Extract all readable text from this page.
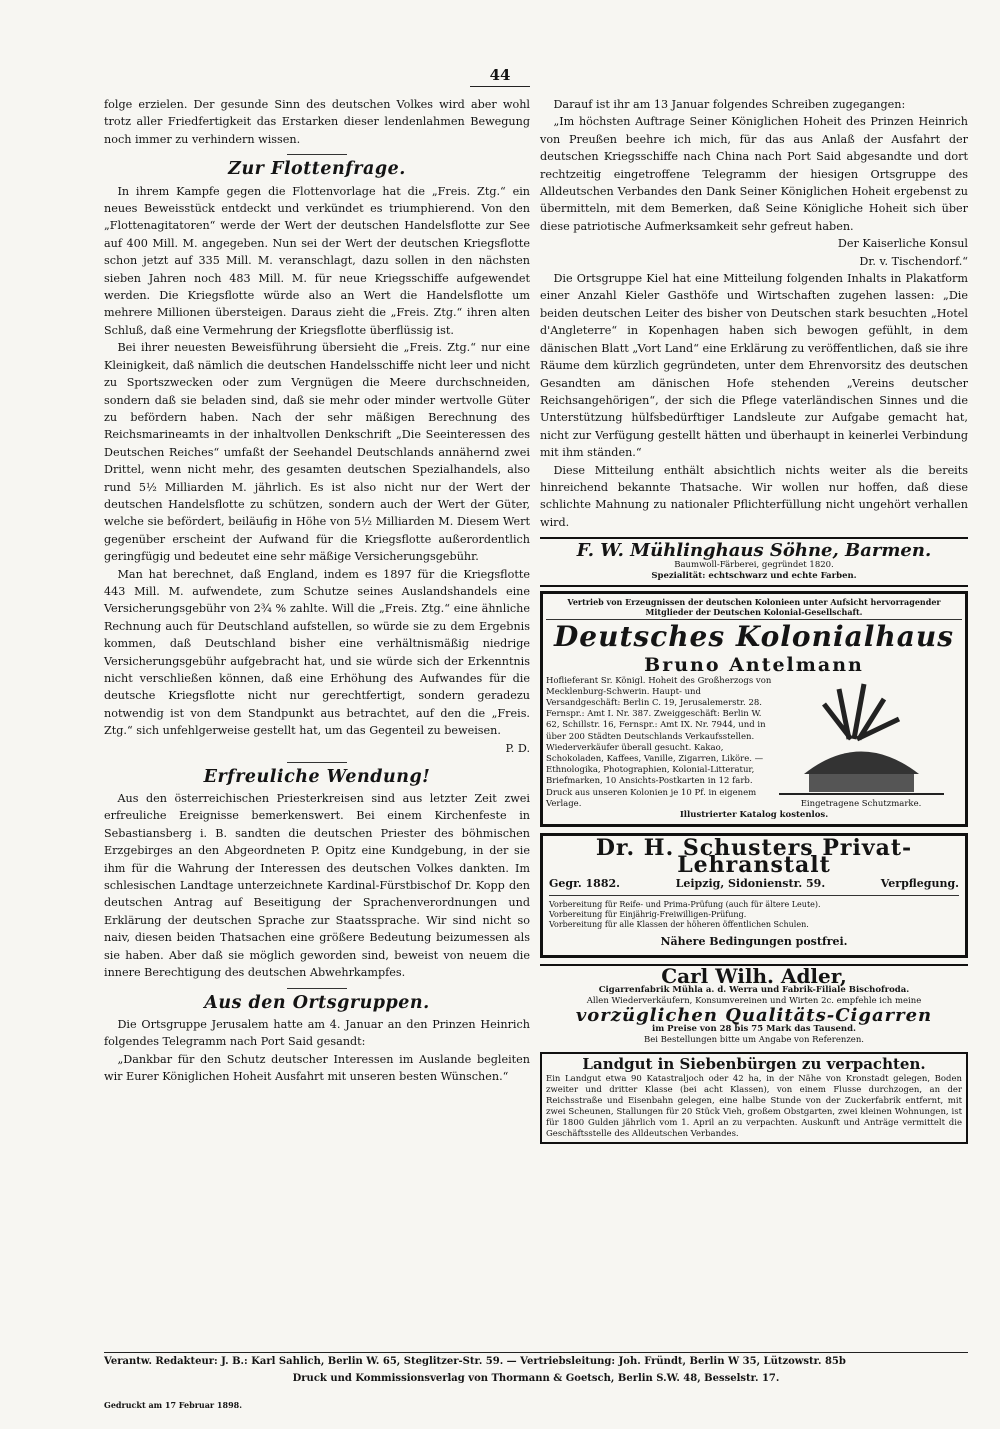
44

folge erzielen. Der gesunde Sinn des deutschen Volkes wird aber wohl trotz aller Friedfertigkeit das Erstarken dieser lendenlahmen Bewegung noch immer zu verhindern wissen.

Zur Flottenfrage.

In ihrem Kampfe gegen die Flottenvorlage hat die „Freis. Ztg.“ ein neues Beweisstück entdeckt und verkündet es triumphierend. Von den „Flottenagitatoren“ werde der Wert der deutschen Handelsflotte zur See auf 400 Mill. M. angegeben. Nun sei der Wert der deutschen Kriegsflotte schon jetzt auf 335 Mill. M. veranschlagt, dazu sollen in den nächsten sieben Jahren noch 483 Mill. M. für neue Kriegsschiffe aufgewendet werden. Die Kriegsflotte würde also an Wert die Handelsflotte um mehrere Millionen übersteigen. Daraus zieht die „Freis. Ztg.“ ihren alten Schluß, daß eine Vermehrung der Kriegsflotte überflüssig ist.

Bei ihrer neuesten Beweisführung übersieht die „Freis. Ztg.“ nur eine Kleinigkeit, daß nämlich die deutschen Handelsschiffe nicht leer und nicht zu Sportszwecken oder zum Vergnügen die Meere durchschneiden, sondern daß sie beladen sind, daß sie mehr oder minder wertvolle Güter zu befördern haben. Nach der sehr mäßigen Berechnung des Reichsmarineamts in der inhaltvollen Denkschrift „Die Seeinteressen des Deutschen Reiches“ umfaßt der Seehandel Deutschlands annähernd zwei Drittel, wenn nicht mehr, des gesamten deutschen Spezialhandels, also rund 5½ Milliarden M. jährlich. Es ist also nicht nur der Wert der deutschen Handelsflotte zu schützen, sondern auch der Wert der Güter, welche sie befördert, beiläufig in Höhe von 5½ Milliarden M. Diesem Wert gegenüber erscheint der Aufwand für die Kriegsflotte außerordentlich geringfügig und bedeutet eine sehr mäßige Versicherungsgebühr.

Man hat berechnet, daß England, indem es 1897 für die Kriegsflotte 443 Mill. M. aufwendete, zum Schutze seines Auslandshandels eine Versicherungsgebühr von 2¾ % zahlte. Will die „Freis. Ztg.“ eine ähnliche Rechnung auch für Deutschland aufstellen, so würde sie zu dem Ergebnis kommen, daß Deutschland bisher eine verhältnismäßig niedrige Versicherungsgebühr aufgebracht hat, und sie würde sich der Erkenntnis nicht verschließen können, daß eine Erhöhung des Aufwandes für die deutsche Kriegsflotte nicht nur gerechtfertigt, sondern geradezu notwendig ist von dem Standpunkt aus betrachtet, auf den die „Freis. Ztg.“ sich unfehlgerweise gestellt hat, um das Gegenteil zu beweisen.
P. D.

Erfreuliche Wendung!

Aus den österreichischen Priesterkreisen sind aus letzter Zeit zwei erfreuliche Ereignisse bemerkenswert. Bei einem Kirchenfeste in Sebastiansberg i. B. sandten die deutschen Priester des böhmischen Erzgebirges an den Abgeordneten P. Opitz eine Kundgebung, in der sie ihm für die Wahrung der Interessen des deutschen Volkes dankten. Im schlesischen Landtage unterzeichnete Kardinal-Fürstbischof Dr. Kopp den deutschen Antrag auf Beseitigung der Sprachenverordnungen und Erklärung der deutschen Sprache zur Staatssprache. Wir sind nicht so naiv, diesen beiden Thatsachen eine größere Bedeutung beizumessen als sie haben. Aber daß sie möglich geworden sind, beweist von neuem die innere Berechtigung des deutschen Abwehrkampfes.

Aus den Ortsgruppen.

Die Ortsgruppe Jerusalem hatte am 4. Januar an den Prinzen Heinrich folgendes Telegramm nach Port Said gesandt:

„Dankbar für den Schutz deutscher Interessen im Auslande begleiten wir Eurer Königlichen Hoheit Ausfahrt mit unseren besten Wünschen.“

Darauf ist ihr am 13 Januar folgendes Schreiben zugegangen:

„Im höchsten Auftrage Seiner Königlichen Hoheit des Prinzen Heinrich von Preußen beehre ich mich, für das aus Anlaß der Ausfahrt der deutschen Kriegsschiffe nach China nach Port Said abgesandte und dort rechtzeitig eingetroffene Telegramm der hiesigen Ortsgruppe des Alldeutschen Verbandes den Dank Seiner Königlichen Hoheit ergebenst zu übermitteln, mit dem Bemerken, daß Seine Königliche Hoheit sich über diese patriotische Aufmerksamkeit sehr gefreut haben.

Der Kaiserliche Konsul

Dr. v. Tischendorf.“

Die Ortsgruppe Kiel hat eine Mitteilung folgenden Inhalts in Plakatform einer Anzahl Kieler Gasthöfe und Wirtschaften zugehen lassen: „Die beiden deutschen Leiter des bisher von Deutschen stark besuchten „Hotel d'Angleterre“ in Kopenhagen haben sich bewogen gefühlt, in dem dänischen Blatt „Vort Land“ eine Erklärung zu veröffentlichen, daß sie ihre Räume dem kürzlich gegründeten, unter dem Ehrenvorsitz des deutschen Gesandten am dänischen Hofe stehenden „Vereins deutscher Reichsangehörigen“, der sich die Pflege vaterländischen Sinnes und die Unterstützung hülfsbedürftiger Landsleute zur Aufgabe gemacht hat, nicht zur Verfügung gestellt hätten und überhaupt in keinerlei Verbindung mit ihm ständen.“

Diese Mitteilung enthält absichtlich nichts weiter als die bereits hinreichend bekannte Thatsache. Wir wollen nur hoffen, daß diese schlichte Mahnung zu nationaler Pflichterfüllung nicht ungehört verhallen wird.

F. W. Mühlinghaus Söhne, Barmen.
Baumwoll-Färberei, gegründet 1820.
Spezialität: echtschwarz und echte Farben.
Vertrieb von Erzeugnissen der deutschen Kolonieen unter Aufsicht hervorragender Mitglieder der Deutschen Kolonial-Gesellschaft.
Deutsches Kolonialhaus
Bruno Antelmann
Hoflieferant Sr. Königl. Hoheit des Großherzogs von Mecklenburg-Schwerin. Haupt- und Versandgeschäft: Berlin C. 19, Jerusalemerstr. 28. Fernspr.: Amt I. Nr. 387. Zweiggeschäft: Berlin W. 62, Schillstr. 16, Fernspr.: Amt IX. Nr. 7944, und in über 200 Städten Deutschlands Verkaufsstellen. Wiederverkäufer überall gesucht. Kakao, Schokoladen, Kaffees, Vanille, Zigarren, Liköre. — Ethnologika, Photographien, Kolonial-Litteratur, Briefmarken, 10 Ansichts-Postkarten in 12 farb. Druck aus unseren Kolonien je 10 Pf. in eigenem Verlage.	Eingetragene Schutzmarke.
Illustrierter Katalog kostenlos.
Dr. H. Schusters Privat-Lehranstalt
Gegr. 1882.	Leipzig, Sidonienstr. 59.	Verpflegung.
Vorbereitung für Reife- und Prima-Prüfung (auch für ältere Leute).
Vorbereitung für Einjährig-Freiwilligen-Prüfung.
Vorbereitung für alle Klassen der höheren öffentlichen Schulen.
Nähere Bedingungen postfrei.
Carl Wilh. Adler,
Cigarrenfabrik Mühla a. d. Werra und Fabrik-Filiale Bischofroda.
Allen Wiederverkäufern, Konsumvereinen und Wirten 2c. empfehle ich meine
vorzüglichen Qualitäts-Cigarren
im Preise von 28 bis 75 Mark das Tausend.
Bei Bestellungen bitte um Angabe von Referenzen.
Landgut in Siebenbürgen zu verpachten.
Ein Landgut etwa 90 Katastraljoch oder 42 ha, in der Nähe von Kronstadt gelegen, Boden zweiter und dritter Klasse (bei acht Klassen), von einem Flusse durchzogen, an der Reichsstraße und Eisenbahn gelegen, eine halbe Stunde von der Zuckerfabrik entfernt, mit zwei Scheunen, Stallungen für 20 Stück Vieh, großem Obstgarten, zwei kleinen Wohnungen, ist für 1800 Gulden jährlich vom 1. April an zu verpachten. Auskunft und Anträge vermittelt die Geschäftsstelle des Alldeutschen Verbandes.
Verantw. Redakteur: J. B.: Karl Sahlich, Berlin W. 65, Steglitzer-Str. 59. — Vertriebsleitung: Joh. Fründt, Berlin W 35, Lützowstr. 85b
Druck und Kommissionsverlag von Thormann & Goetsch, Berlin S.W. 48, Besselstr. 17.
Gedruckt am 17 Februar 1898.
